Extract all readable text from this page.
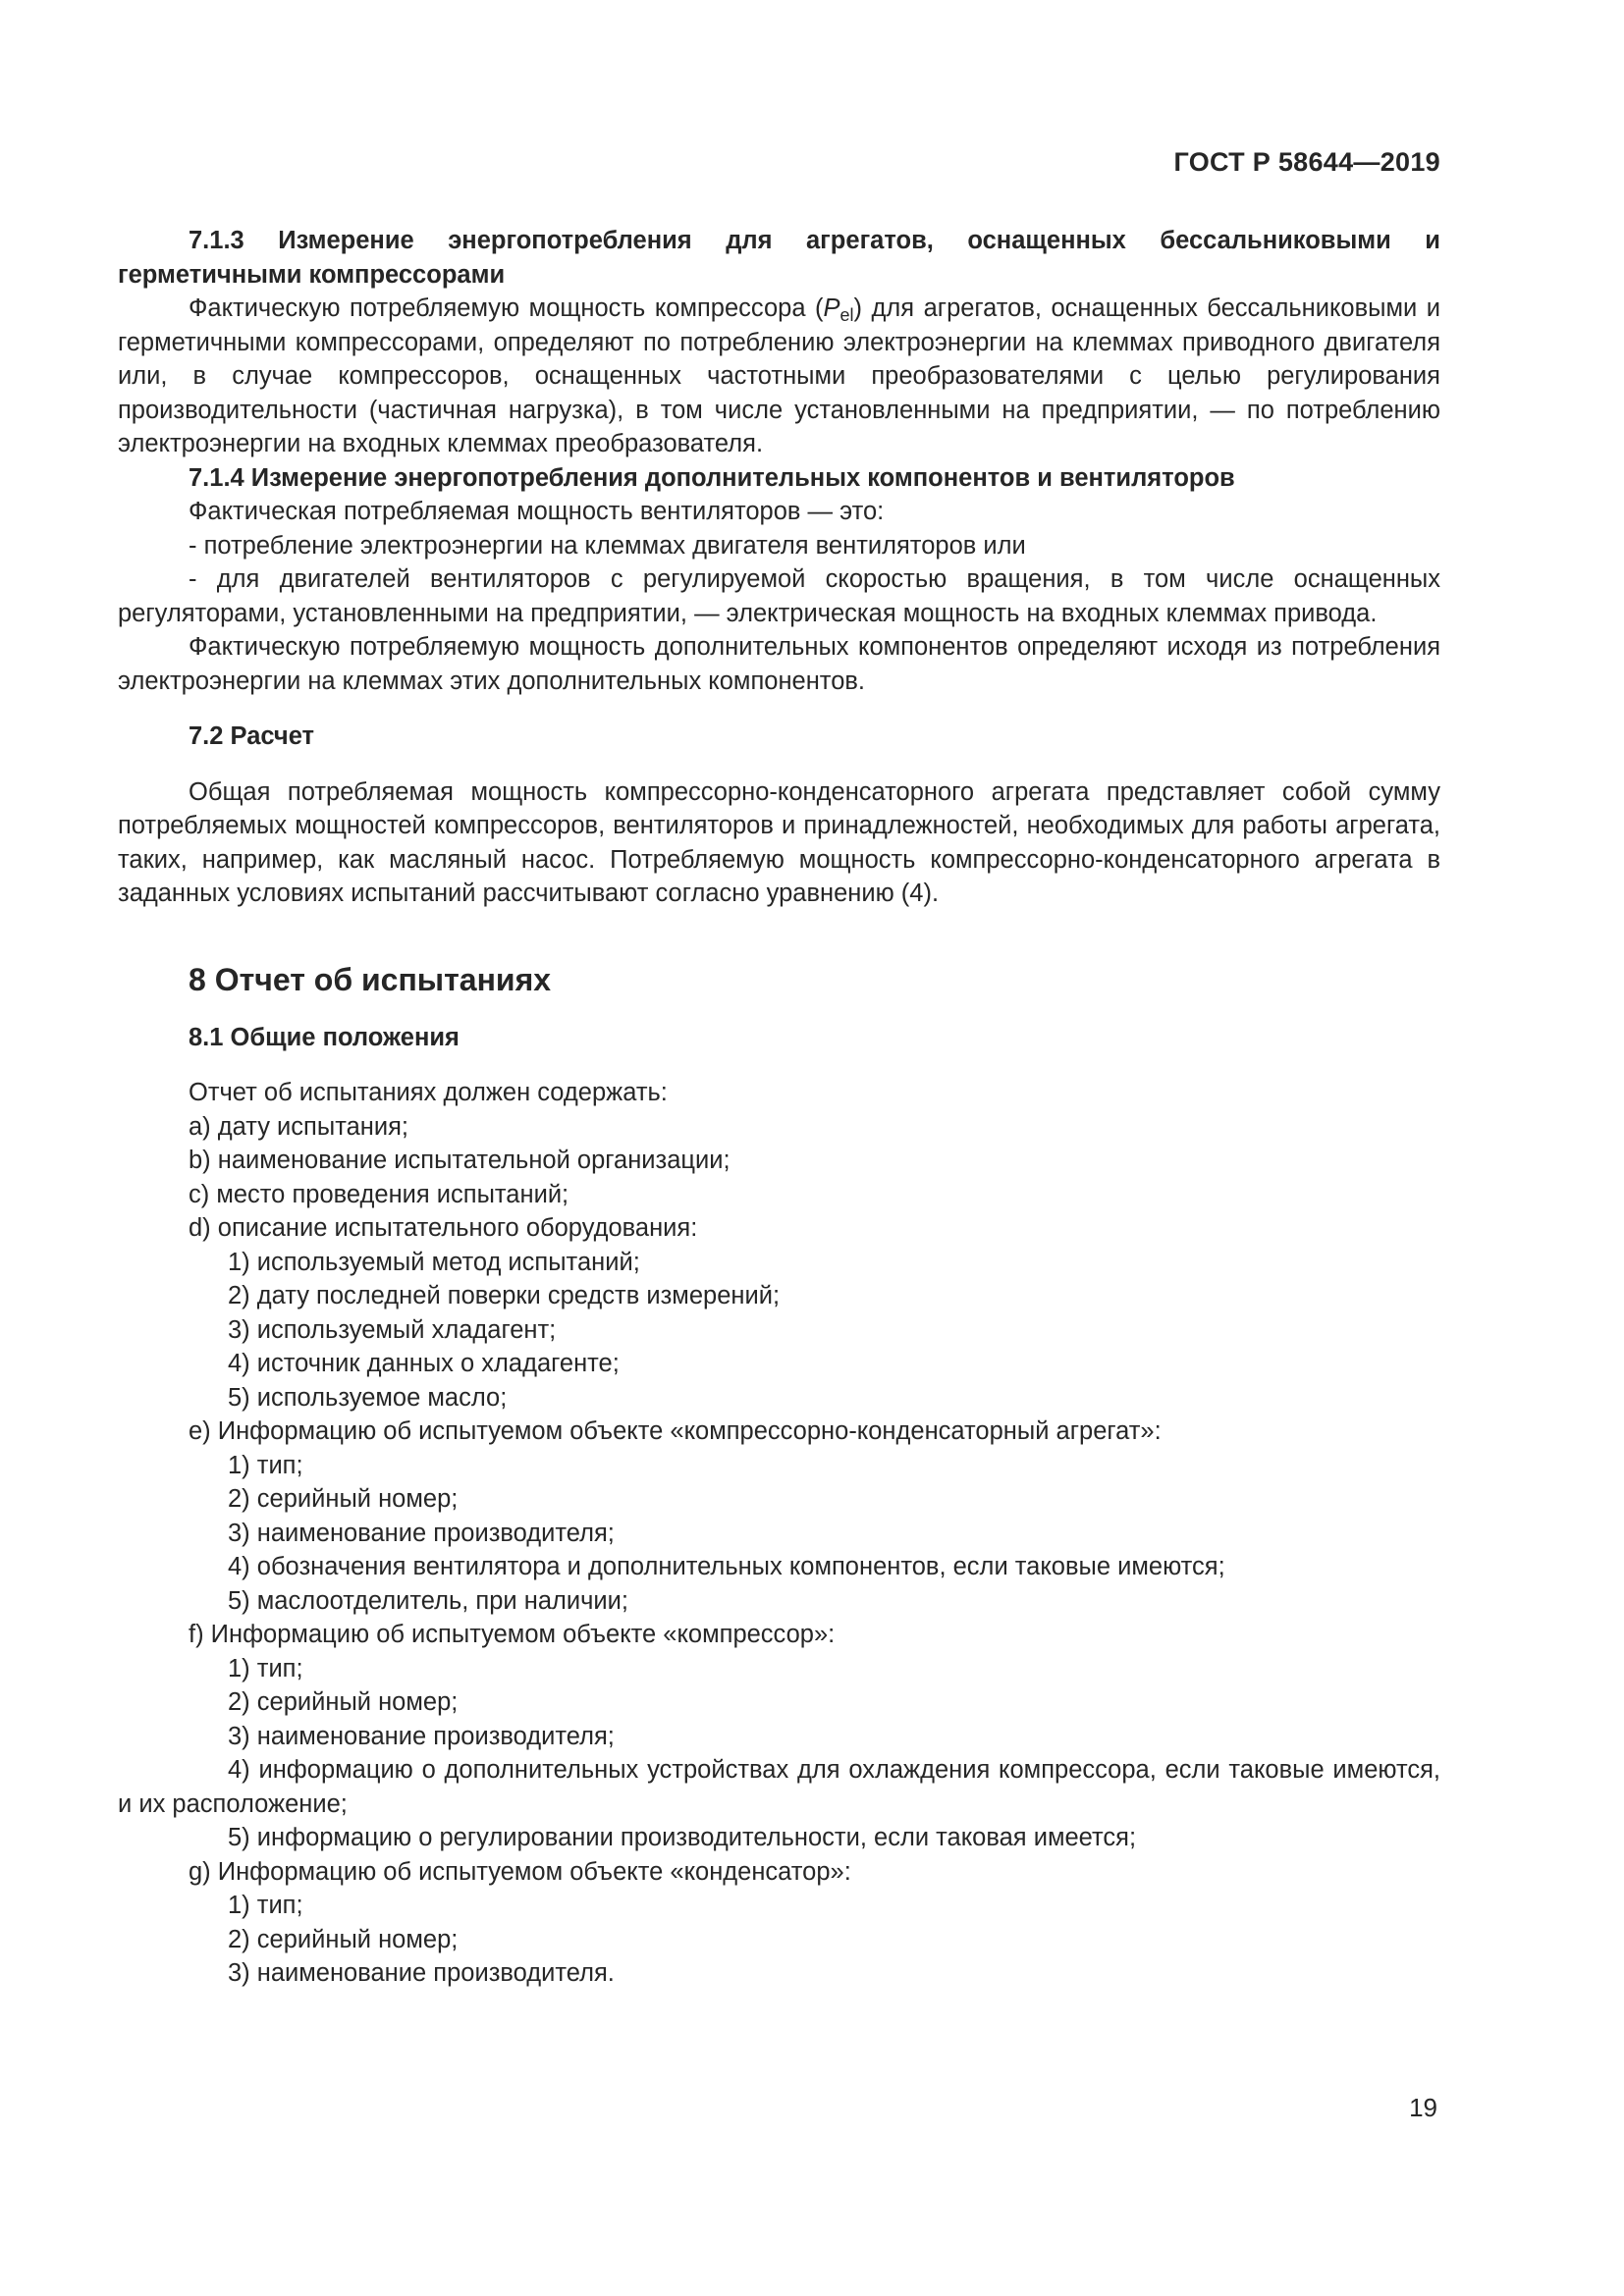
ГОСТ Р 58644—2019

7.1.3 Измерение энергопотребления для агрегатов, оснащенных бессальниковыми и герметичными компрессорами

Фактическую потребляемую мощность компрессора $(P_{el})$ для агрегатов, оснащенных бессальниковыми и герметичными компрессорами, определяют по потреблению электроэнергии на клеммах приводного двигателя или, в случае компрессоров, оснащенных частотными преобразователями с целью регулирования производительности (частичная нагрузка), в том числе установленными на предприятии, — по потреблению электроэнергии на входных клеммах преобразователя.

7.1.4 Измерение энергопотребления дополнительных компонентов и вентиляторов

Фактическая потребляемая мощность вентиляторов — это:

- потребление электроэнергии на клеммах двигателя вентиляторов или

- для двигателей вентиляторов с регулируемой скоростью вращения, в том числе оснащенных регуляторами, установленными на предприятии, — электрическая мощность на входных клеммах привода.

Фактическую потребляемую мощность дополнительных компонентов определяют исходя из потребления электроэнергии на клеммах этих дополнительных компонентов.

7.2 Расчет

Общая потребляемая мощность компрессорно-конденсаторного агрегата представляет собой сумму потребляемых мощностей компрессоров, вентиляторов и принадлежностей, необходимых для работы агрегата, таких, например, как масляный насос. Потребляемую мощность компрессорно-конденсаторного агрегата в заданных условиях испытаний рассчитывают согласно уравнению (4).

8 Отчет об испытаниях

8.1 Общие положения

Отчет об испытаниях должен содержать:

a) дату испытания;

b) наименование испытательной организации;

c) место проведения испытаний;

d) описание испытательного оборудования:

1) используемый метод испытаний;

2) дату последней поверки средств измерений;

3) используемый хладагент;

4) источник данных о хладагенте;

5) используемое масло;

e) Информацию об испытуемом объекте «компрессорно-конденсаторный агрегат»:

1) тип;

2) серийный номер;

3) наименование производителя;

4) обозначения вентилятора и дополнительных компонентов, если таковые имеются;

5) маслоотделитель, при наличии;

f) Информацию об испытуемом объекте «компрессор»:

1) тип;

2) серийный номер;

3) наименование производителя;

4) информацию о дополнительных устройствах для охлаждения компрессора, если таковые имеются, и их расположение;

5) информацию о регулировании производительности, если таковая имеется;

g) Информацию об испытуемом объекте «конденсатор»:

1) тип;

2) серийный номер;

3) наименование производителя.

19
